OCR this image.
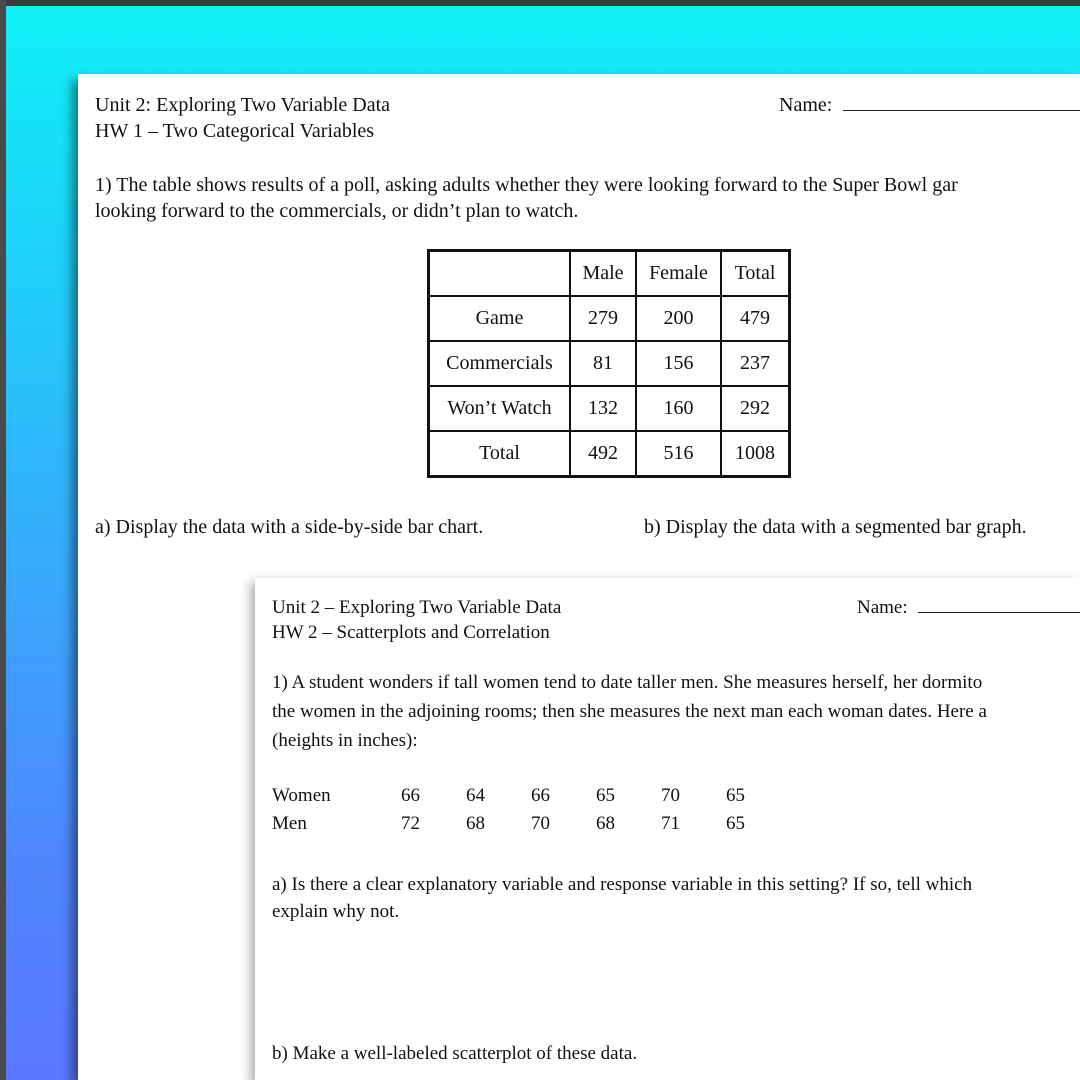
Unit 2: Exploring Two Variable Data
HW 1 – Two Categorical Variables
Name:
1) The table shows results of a poll, asking adults whether they were looking forward to the Super Bowl gar
looking forward to the commercials, or didn’t plan to watch.
	Male	Female	Total
Game	279	200	479
Commercials	81	156	237
Won’t Watch	132	160	292
Total	492	516	1008
a) Display the data with a side-by-side bar chart.	b) Display the data with a segmented bar graph.
Unit 2 – Exploring Two Variable Data
HW 2 – Scatterplots and Correlation
Name:
1) A student wonders if tall women tend to date taller men. She measures herself, her dormito
the women in the adjoining rooms; then she measures the next man each woman dates. Here a
(heights in inches):
Women	66 64 66 65 70 65
Men	72 68 70 68 71 65
a) Is there a clear explanatory variable and response variable in this setting? If so, tell which
explain why not.
b) Make a well-labeled scatterplot of these data.
